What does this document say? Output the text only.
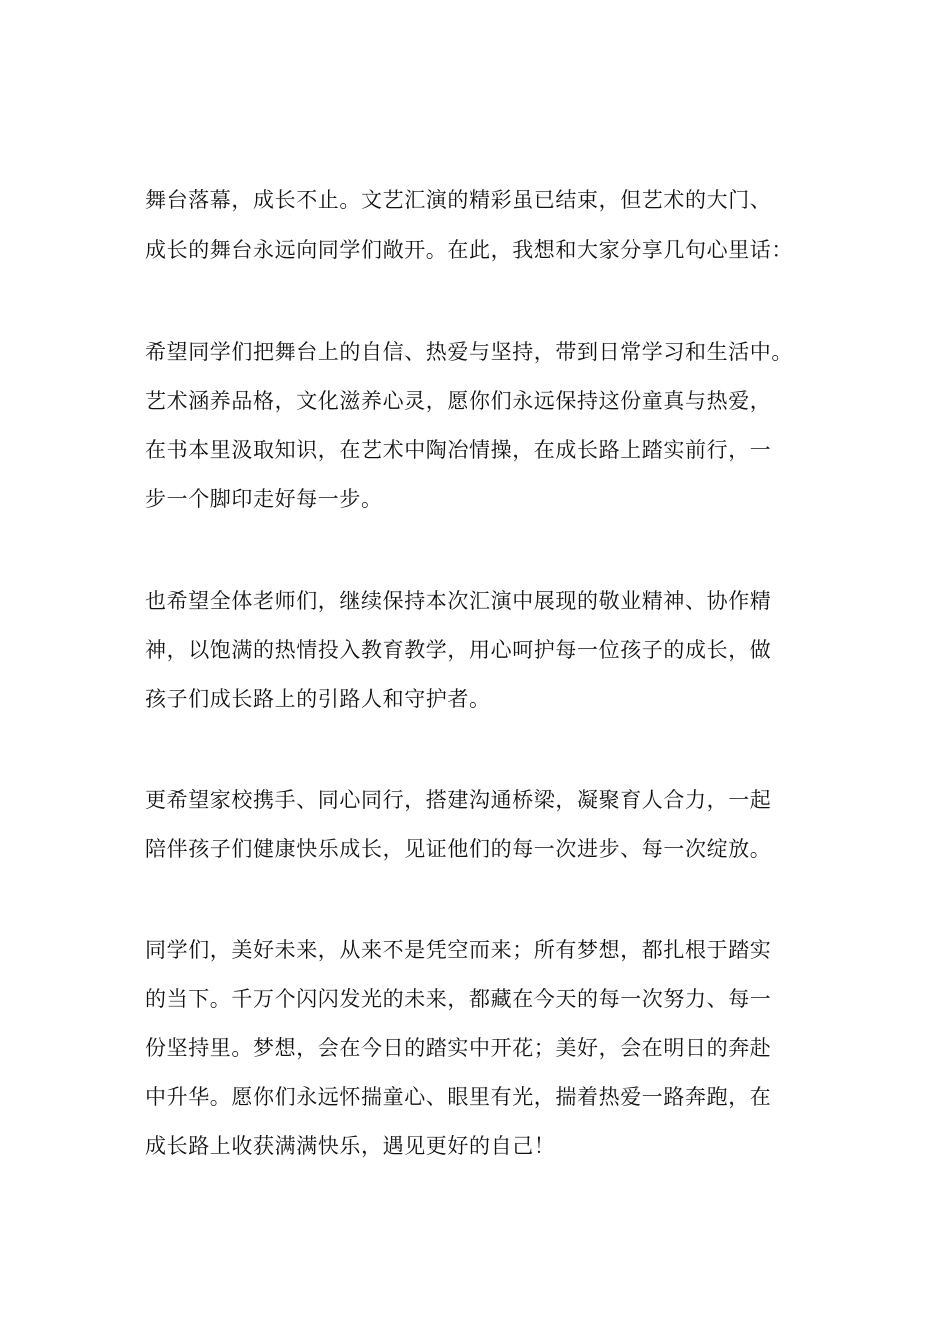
舞台落幕，成长不止。文艺汇演的精彩虽已结束，但艺术的大门、
成长的舞台永远向同学们敞开。在此，我想和大家分享几句心里话：
希望同学们把舞台上的自信、热爱与坚持，带到日常学习和生活中。
艺术涵养品格，文化滋养心灵，愿你们永远保持这份童真与热爱，
在书本里汲取知识，在艺术中陶冶情操，在成长路上踏实前行，一
步一个脚印走好每一步。
也希望全体老师们，继续保持本次汇演中展现的敬业精神、协作精
神，以饱满的热情投入教育教学，用心呵护每一位孩子的成长，做
孩子们成长路上的引路人和守护者。
更希望家校携手、同心同行，搭建沟通桥梁，凝聚育人合力，一起
陪伴孩子们健康快乐成长，见证他们的每一次进步、每一次绽放。
同学们，美好未来，从来不是凭空而来；所有梦想，都扎根于踏实
的当下。千万个闪闪发光的未来，都藏在今天的每一次努力、每一
份坚持里。梦想，会在今日的踏实中开花；美好，会在明日的奔赴
中升华。愿你们永远怀揣童心、眼里有光，揣着热爱一路奔跑，在
成长路上收获满满快乐，遇见更好的自己！
